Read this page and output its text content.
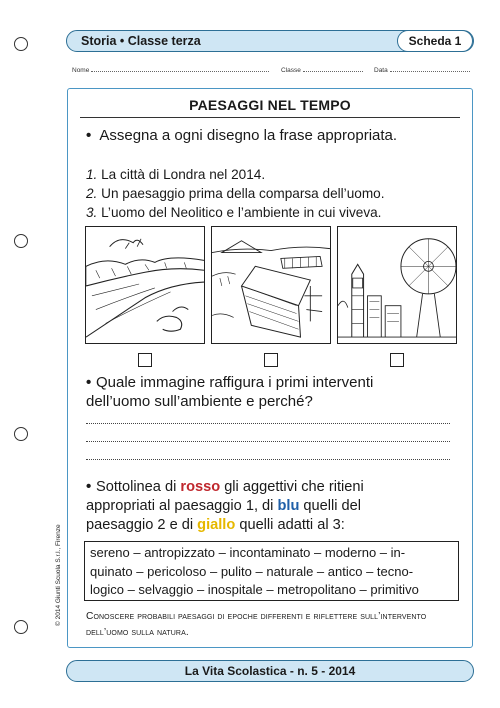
Storia • Classe terza	Scheda 1
Nome	Classe	Data
PAESAGGI NEL TEMPO
• Assegna a ogni disegno la frase appropriata.
1. La città di Londra nel 2014.
2. Un paesaggio prima della comparsa dell’uomo.
3. L’uomo del Neolitico e l’ambiente in cui viveva.
• Quale immagine raffigura i primi interventi
dell’uomo sull’ambiente e perché?
• Sottolinea di rosso gli aggettivi che ritieni
appropriati al paesaggio 1, di blu quelli del
paesaggio 2 e di giallo quelli adatti al 3:
sereno – antropizzato – incontaminato – moderno – in-
quinato – pericoloso – pulito – naturale – antico – tecno-
logico – selvaggio – inospitale – metropolitano – primitivo
Conoscere probabili paesaggi di epoche differenti e riflettere sull’intervento
dell’uomo sulla natura.
© 2014 Giunti Scuola S.r.l., Firenze
La Vita Scolastica - n. 5 - 2014
